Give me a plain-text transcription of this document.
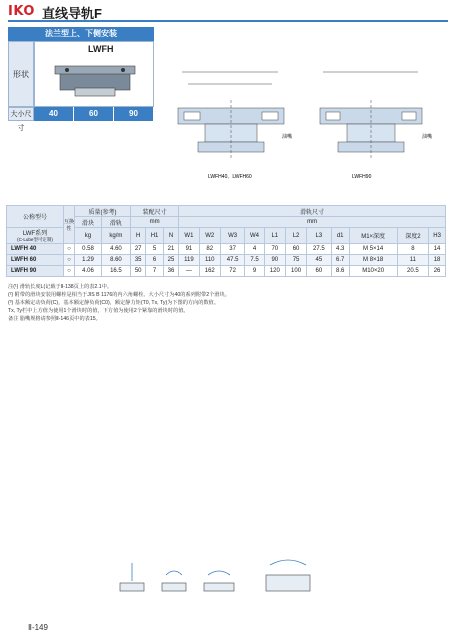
IKO 直线导轨F
法兰型上、下侧安装
形状
LWFH
大小尺寸
40	60	90
LWFH40、LWFH60	LWFH90
油嘴	油嘴
公称型号	互换性	质量(参考)		装配尺寸			滑轨尺寸										
		滑块	滑轨	mm			mm										

LWF系列
(C-Lube型可定制)		kg	kg/m	H	H1	N	W1	W2	W3	W4	L1	L2	L3	d1	M1×深度	深度2	H3
LWFH 40	○	0.58	4.60	27	5	21	91	82	37	4	70	60	27.5	4.3	M 5×14	8	14
LWFH 60	○	1.29	8.60	35	6	25	119	110	47.5	7.5	90	75	45	6.7	M 8×18	11	18
LWFH 90	○	4.06	16.5	50	7	36	—	162	72	9	120	100	60	8.6	M10×20	20.5	26
注(¹) 滑轨长度L(记载于Ⅱ-138页上的表2.1中。
(²) 附带的滑块安装用螺栓是相当于JIS B 1176的内六角螺栓。大小尺寸为40的系列附带2个滑块。
(³) 基本额定动负荷(C)，基本额定静负荷(C0)，额定静力矩(T0, Tx, Ty)为下图的方向的数值。
Tx, Ty栏中上方值为使用1个滑块时的值，下方值为使用2个紧靠的滑块时的值。
备注 脂嘴规格请参照Ⅱ-146页中的表15。
Ⅱ-149
